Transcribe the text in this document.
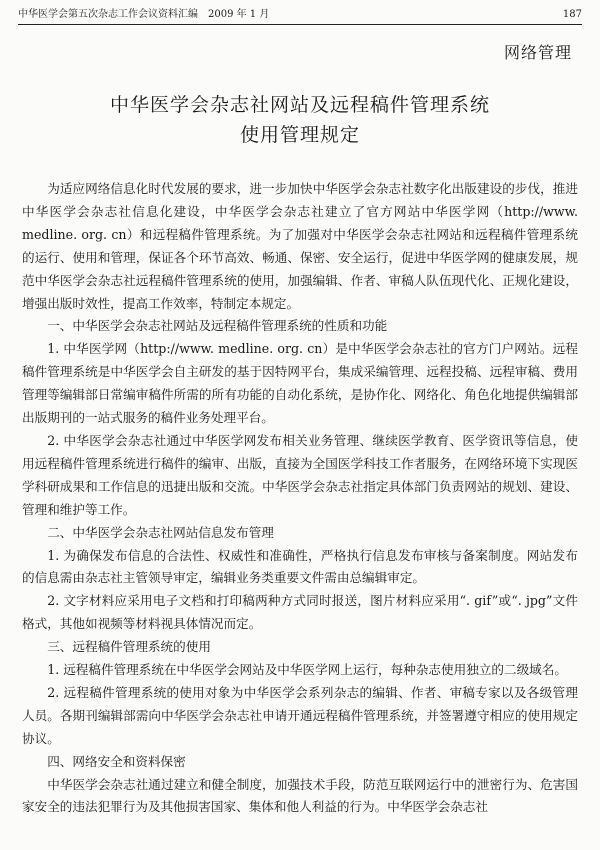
中华医学会第五次杂志工作会议资料汇编　2009 年 1 月	187
网络管理
中华医学会杂志社网站及远程稿件管理系统
使用管理规定

为适应网络信息化时代发展的要求，进一步加快中华医学会杂志社数字化出版建设的步伐，推进中华医学会杂志社信息化建设，中华医学会杂志社建立了官方网站中华医学网（http://www. medline. org. cn）和远程稿件管理系统。为了加强对中华医学会杂志社网站和远程稿件管理系统的运行、使用和管理，保证各个环节高效、畅通、保密、安全运行，促进中华医学网的健康发展，规范中华医学会杂志社远程稿件管理系统的使用，加强编辑、作者、审稿人队伍现代化、正规化建设，增强出版时效性，提高工作效率，特制定本规定。

一、中华医学会杂志社网站及远程稿件管理系统的性质和功能

1. 中华医学网（http://www. medline. org. cn）是中华医学会杂志社的官方门户网站。远程稿件管理系统是中华医学会自主研发的基于因特网平台，集成采编管理、远程投稿、远程审稿、费用管理等编辑部日常编审稿件所需的所有功能的自动化系统，是协作化、网络化、角色化地提供编辑部出版期刊的一站式服务的稿件业务处理平台。

2. 中华医学会杂志社通过中华医学网发布相关业务管理、继续医学教育、医学资讯等信息，使用远程稿件管理系统进行稿件的编审、出版，直接为全国医学科技工作者服务，在网络环境下实现医学科研成果和工作信息的迅捷出版和交流。中华医学会杂志社指定具体部门负责网站的规划、建设、管理和维护等工作。

二、中华医学会杂志社网站信息发布管理

1. 为确保发布信息的合法性、权威性和准确性，严格执行信息发布审核与备案制度。网站发布的信息需由杂志社主管领导审定，编辑业务类重要文件需由总编辑审定。

2. 文字材料应采用电子文档和打印稿两种方式同时报送，图片材料应采用“. gif”或“. jpg”文件格式，其他如视频等材料视具体情况而定。

三、远程稿件管理系统的使用

1. 远程稿件管理系统在中华医学会网站及中华医学网上运行，每种杂志使用独立的二级域名。

2. 远程稿件管理系统的使用对象为中华医学会系列杂志的编辑、作者、审稿专家以及各级管理人员。各期刊编辑部需向中华医学会杂志社申请开通远程稿件管理系统，并签署遵守相应的使用规定协议。

四、网络安全和资料保密

中华医学会杂志社通过建立和健全制度，加强技术手段，防范互联网运行中的泄密行为、危害国家安全的违法犯罪行为及其他损害国家、集体和他人利益的行为。中华医学会杂志社
